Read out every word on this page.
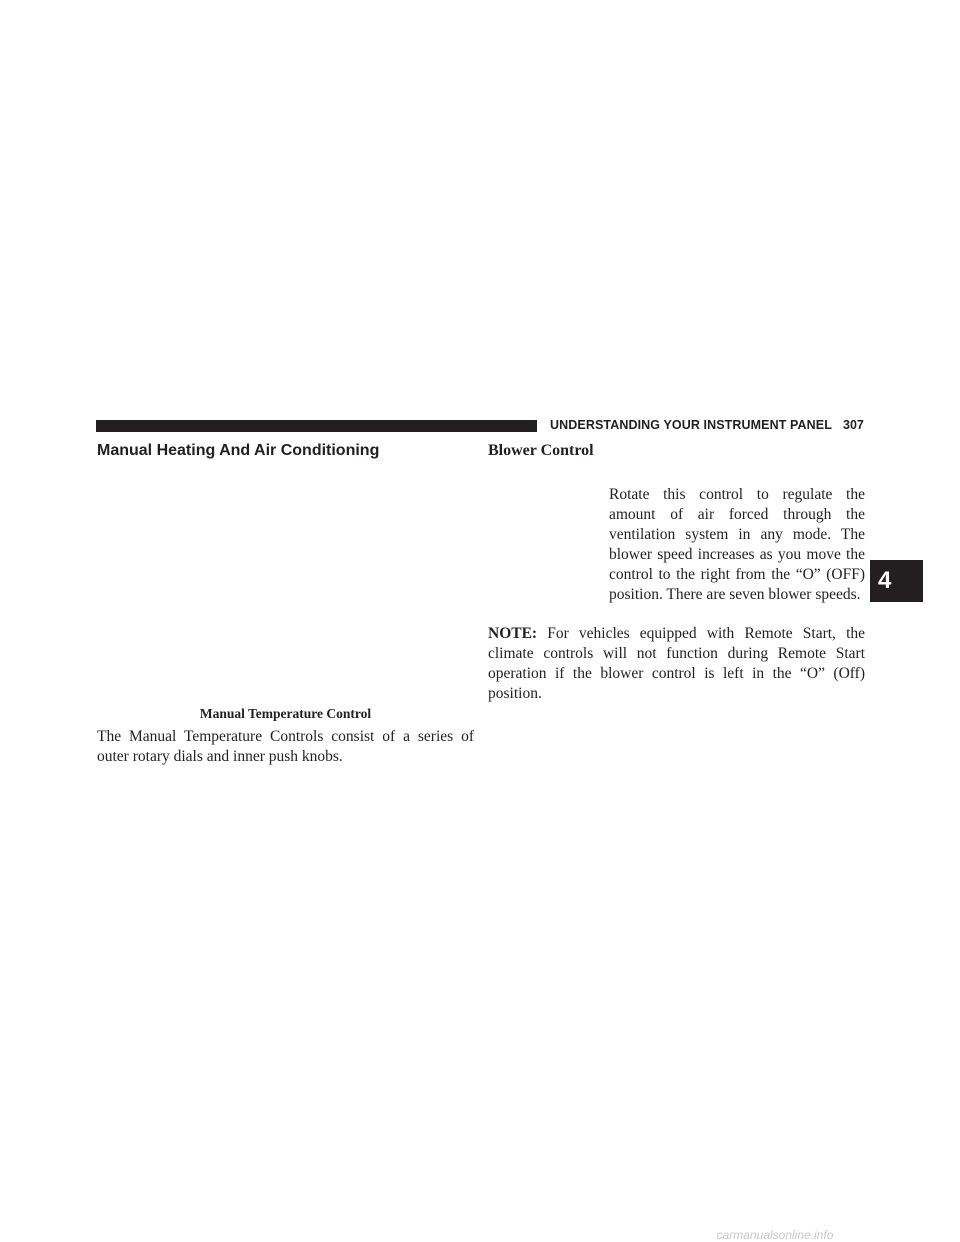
UNDERSTANDING YOUR INSTRUMENT PANEL 307
Manual Heating And Air Conditioning	Blower Control
Manual Temperature Control
The Manual Temperature Controls consist of a series of outer rotary dials and inner push knobs.
Rotate this control to regulate the amount of air forced through the ventilation system in any mode. The blower speed increases as you move the control to the right from the “O” (OFF) position. There are seven blower speeds.
NOTE: For vehicles equipped with Remote Start, the climate controls will not function during Remote Start operation if the blower control is left in the “O” (Off) position.
4
carmanualsonline.info
